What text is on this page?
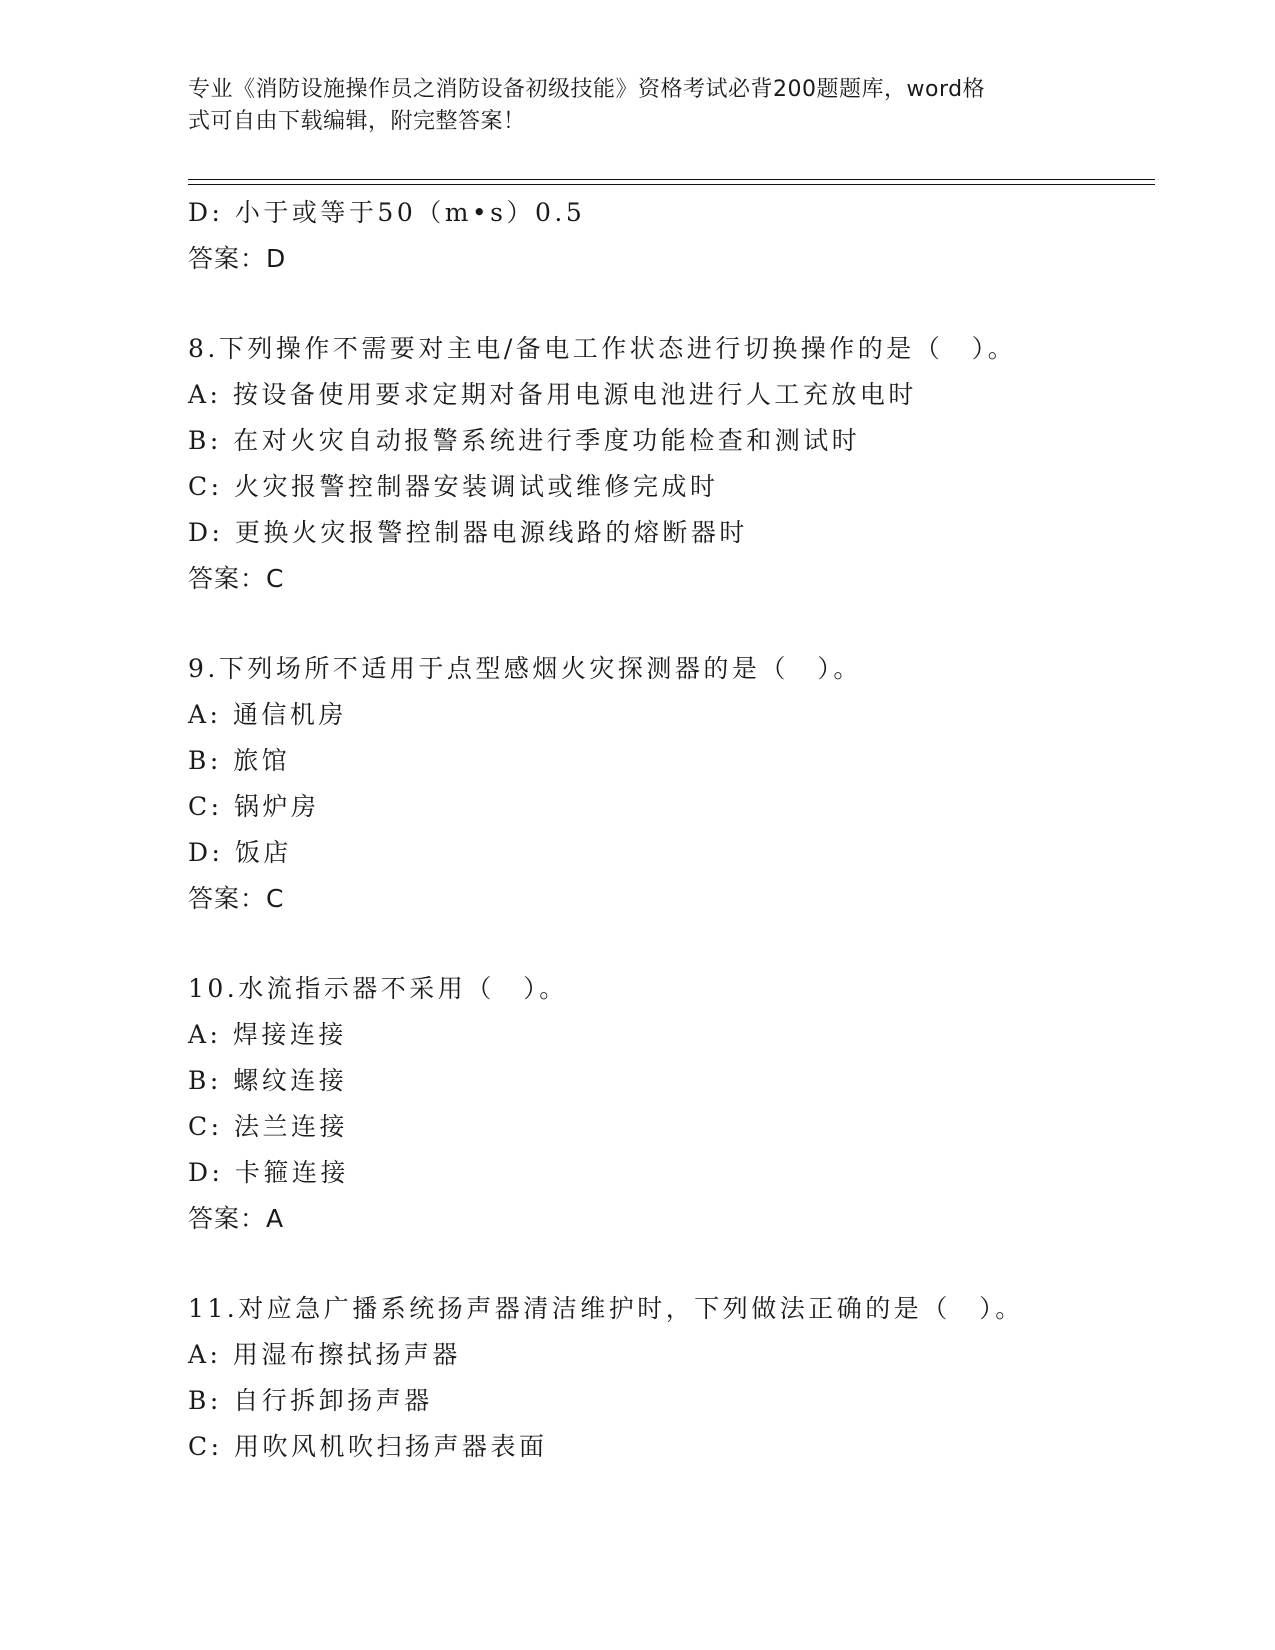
专业《消防设施操作员之消防设备初级技能》资格考试必背200题题库，word格
式可自由下载编辑，附完整答案！
D: 小于或等于50（m•s）0.5
答案：D
8.下列操作不需要对主电/备电工作状态进行切换操作的是（　）。
A: 按设备使用要求定期对备用电源电池进行人工充放电时
B: 在对火灾自动报警系统进行季度功能检查和测试时
C: 火灾报警控制器安装调试或维修完成时
D: 更换火灾报警控制器电源线路的熔断器时
答案：C
9.下列场所不适用于点型感烟火灾探测器的是（　）。
A: 通信机房
B: 旅馆
C: 锅炉房
D: 饭店
答案：C
10.水流指示器不采用（　）。
A: 焊接连接
B: 螺纹连接
C: 法兰连接
D: 卡箍连接
答案：A
11.对应急广播系统扬声器清洁维护时，下列做法正确的是（　）。
A: 用湿布擦拭扬声器
B: 自行拆卸扬声器
C: 用吹风机吹扫扬声器表面
